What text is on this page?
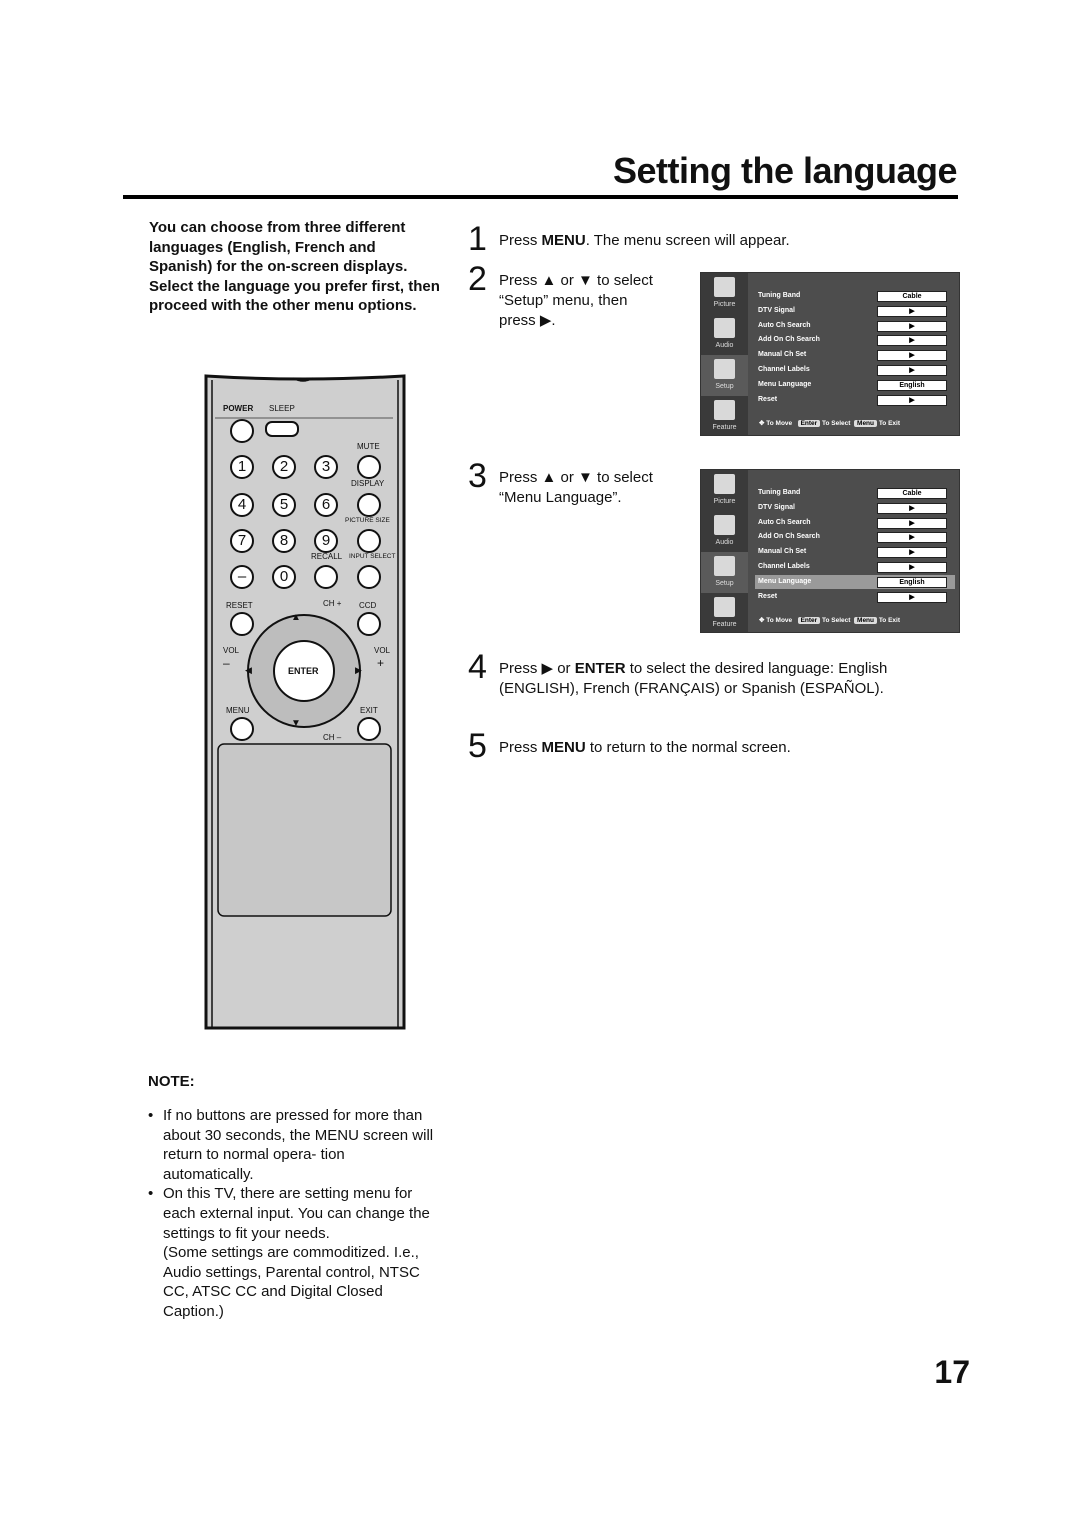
Setting the language
You can choose from three different languages (English, French and Spanish) for the on-screen displays. Select the language you prefer first, then proceed with the other menu options.
1 Press MENU. The menu screen will appear.
2 Press ▲ or ▼ to select
“Setup” menu, then
press ▶.
3 Press ▲ or ▼ to select
“Menu Language”.
4 Press ▶ or ENTER to select the desired language: English
(ENGLISH), French (FRANÇAIS) or Spanish (ESPAÑOL).
5 Press MENU to return to the normal screen.
Picture
Audio
Setup
Feature
Tuning Band	Cable
DTV Signal	▶
Auto Ch Search	▶
Add On Ch Search	▶
Manual Ch Set	▶
Channel Labels	▶
Menu Language	English
Reset	▶
✥ To Move   Enter To Select  Menu To Exit
Picture
Audio
Setup
Feature
Tuning Band	Cable
DTV Signal	▶
Auto Ch Search	▶
Add On Ch Search	▶
Manual Ch Set	▶
Channel Labels	▶
Menu Language	English
Reset	▶
✥ To Move   Enter To Select  Menu To Exit
POWER SLEEP
MUTE
1	2	3
DISPLAY
4	5	6
PICTURE SIZE
7	8	9
RECALL INPUT SELECT
–	0
RESET	CH + CCD
▲
VOL	VOL
–	+
◀	▶
ENTER
MENU	EXIT
▼
CH –
NOTE:
• If no buttons are pressed for more than about 30 seconds, the MENU screen will return to normal opera- tion automatically.
• On this TV, there are setting menu for each external input. You can change the settings to fit your needs.
(Some settings are commoditized. I.e., Audio settings, Parental control, NTSC CC, ATSC CC and Digital Closed Caption.)
17
